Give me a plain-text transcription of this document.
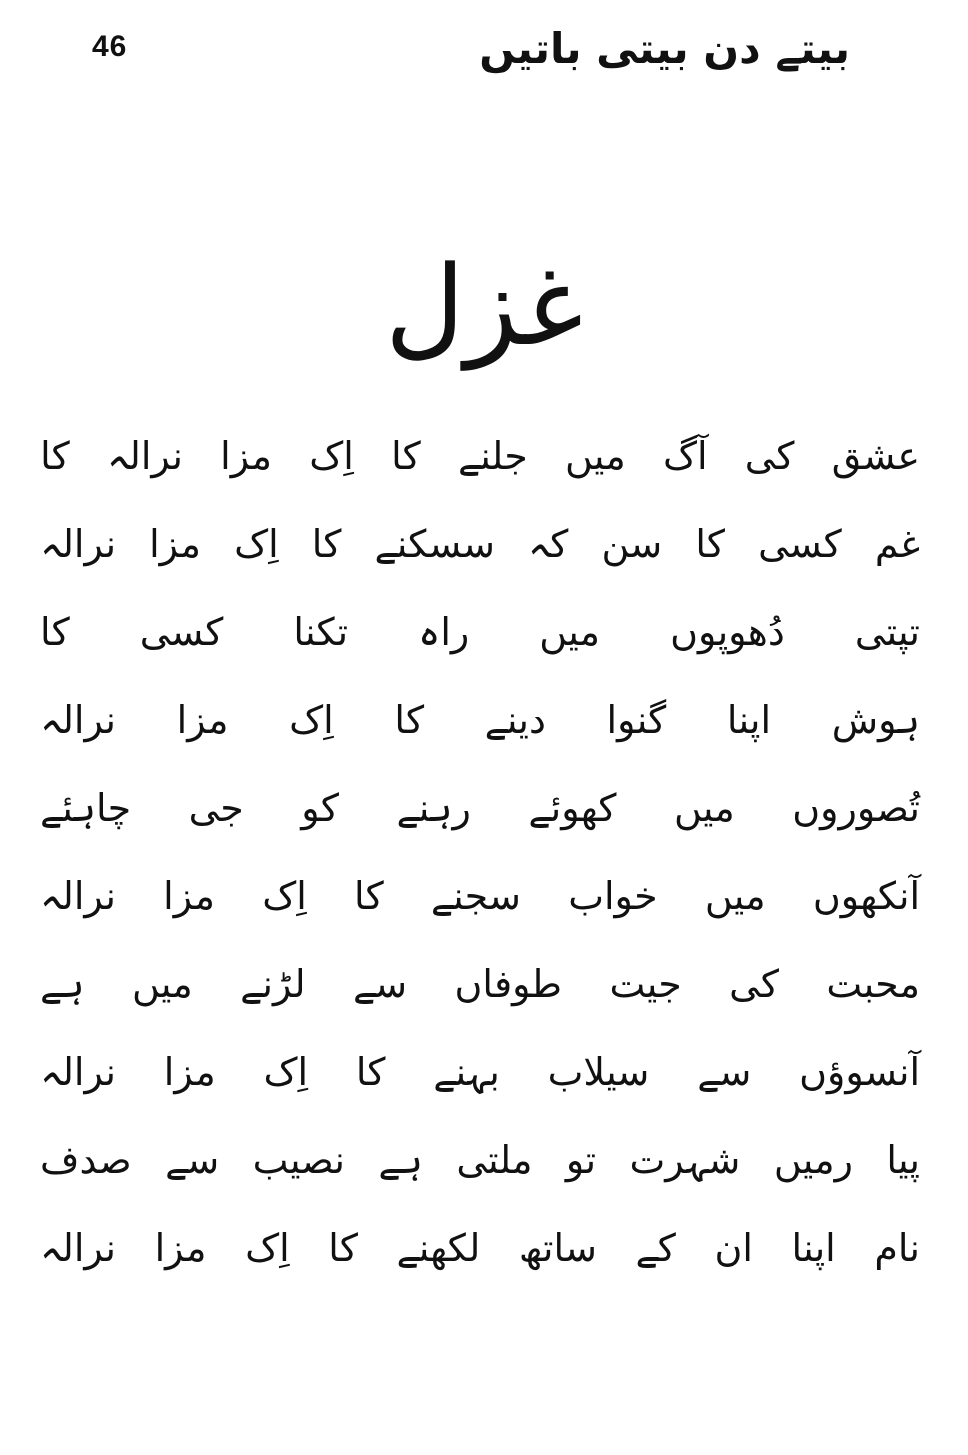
46	بیتے دن بیتی باتیں
غزل
عشق
کی
آگ
میں
جلنے
کا
اِک
مزا
نرالہ
کا
غم
کسی
کا
سن
کہ
سسکنے
کا
اِک
مزا
نرالہ
تپتی
دُھوپوں
میں
راہ
تکنا
کسی
کا
ہوش
اپنا
گنوا
دینے
کا
اِک
مزا
نرالہ
تُصوروں
میں
کھوئے
رہنے
کو
جی
چاہئے
آنکھوں
میں
خواب
سجنے
کا
اِک
مزا
نرالہ
محبت
کی
جیت
طوفاں
سے
لڑنے
میں
ہے
آنسوؤں
سے
سیلاب
بہنے
کا
اِک
مزا
نرالہ
پیا
رمیں
شہرت
تو
ملتی
ہے
نصیب
سے
صدف
نام
اپنا
ان
کے
ساتھ
لکھنے
کا
اِک
مزا
نرالہ
